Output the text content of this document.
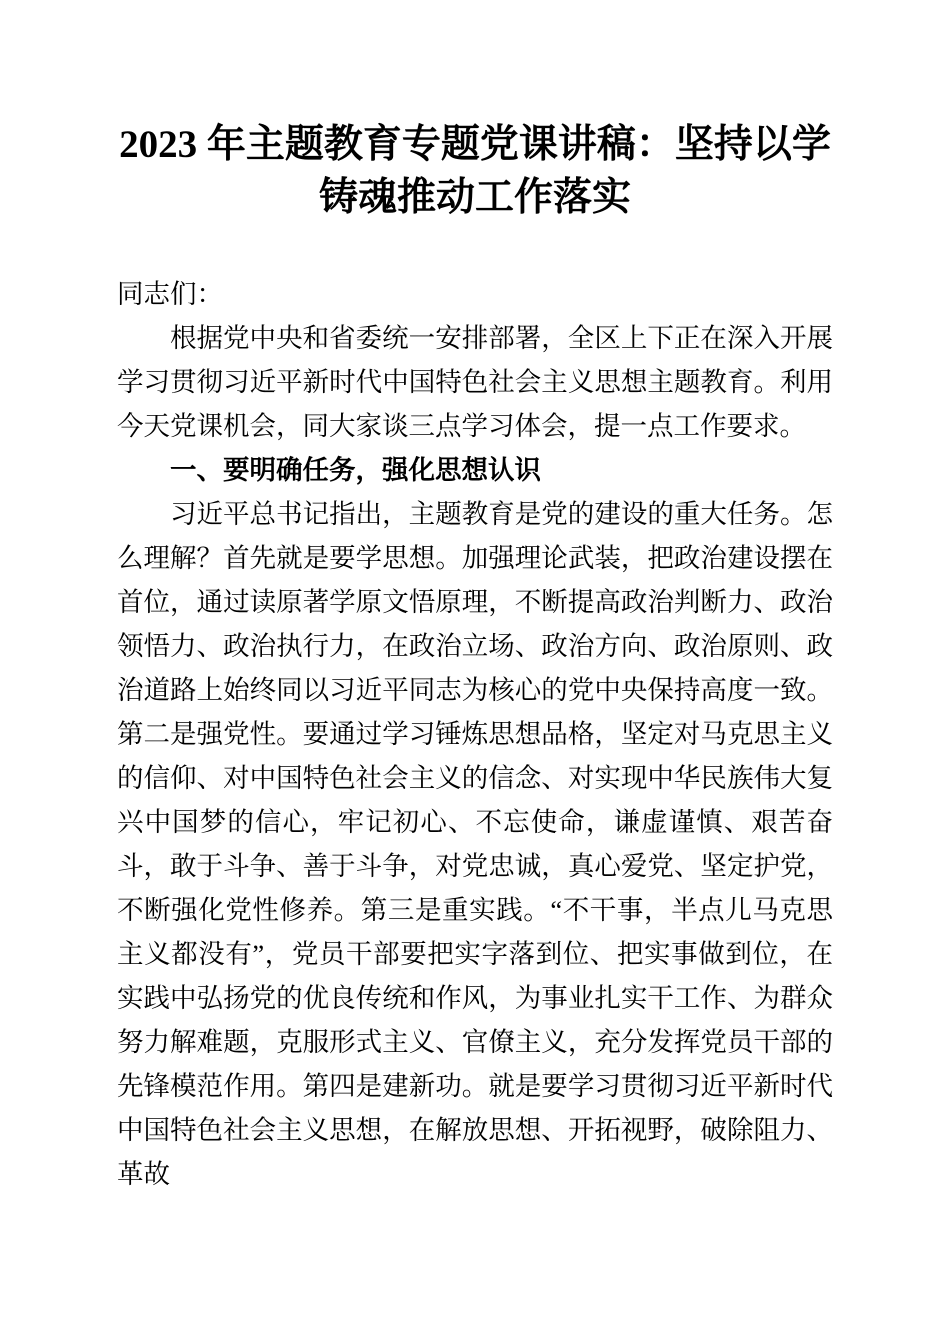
2023 年主题教育专题党课讲稿：坚持以学铸魂推动工作落实

同志们：

根据党中央和省委统一安排部署，全区上下正在深入开展学习贯彻习近平新时代中国特色社会主义思想主题教育。利用今天党课机会，同大家谈三点学习体会，提一点工作要求。

一、要明确任务，强化思想认识

习近平总书记指出，主题教育是党的建设的重大任务。怎么理解？首先就是要学思想。加强理论武装，把政治建设摆在首位，通过读原著学原文悟原理，不断提高政治判断力、政治领悟力、政治执行力，在政治立场、政治方向、政治原则、政治道路上始终同以习近平同志为核心的党中央保持高度一致。第二是强党性。要通过学习锤炼思想品格，坚定对马克思主义的信仰、对中国特色社会主义的信念、对实现中华民族伟大复兴中国梦的信心，牢记初心、不忘使命，谦虚谨慎、艰苦奋斗，敢于斗争、善于斗争，对党忠诚，真心爱党、坚定护党，不断强化党性修养。第三是重实践。“不干事，半点儿马克思主义都没有”，党员干部要把实字落到位、把实事做到位，在实践中弘扬党的优良传统和作风，为事业扎实干工作、为群众努力解难题，克服形式主义、官僚主义，充分发挥党员干部的先锋模范作用。第四是建新功。就是要学习贯彻习近平新时代中国特色社会主义思想，在解放思想、开拓视野，破除阻力、革故
